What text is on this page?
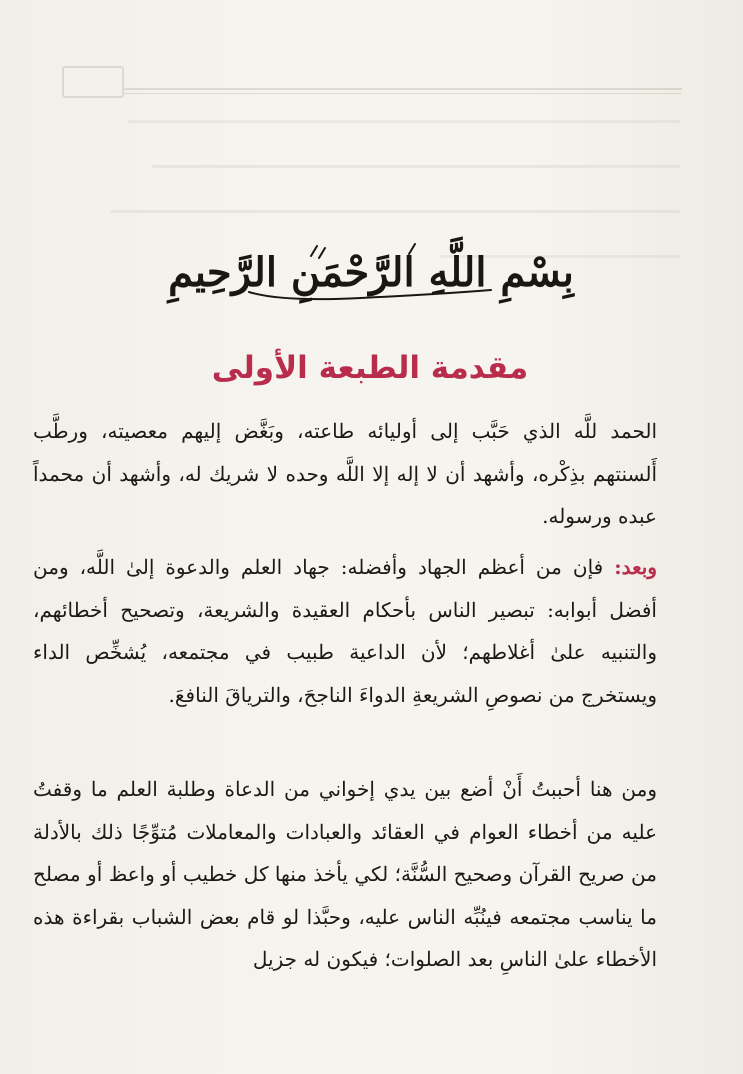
بِسْمِ اللَّهِ الرَّحْمَنِ الرَّحِيمِ
مقدمة الطبعة الأولى
الحمد للَّه الذي حَبَّب إلى أوليائه طاعته، وبَغَّض إليهم معصيته، ورطَّب أَلسنتهم بذِكْره، وأشهد أن لا إله إلا اللَّه وحده لا شريك له، وأشهد أن محمداً عبده ورسوله.
وبعد: فإن من أعظم الجهاد وأفضله: جهاد العلم والدعوة إلىٰ اللَّه، ومن أفضل أبوابه: تبصير الناس بأحكام العقيدة والشريعة، وتصحيح أخطائهم، والتنبيه علىٰ أغلاطهم؛ لأن الداعية طبيب في مجتمعه، يُشخِّص الداء ويستخرج من نصوصِ الشريعةِ الدواءَ الناجحَ، والترياقَ النافعَ.
ومن هنا أحببتُ أَنْ أضع بين يدي إخواني من الدعاة وطلبة العلم ما وقفتُ عليه من أخطاء العوام في العقائد والعبادات والمعاملات مُتوِّجًا ذلك بالأدلة من صريح القرآن وصحيح السُّنَّة؛ لكي يأخذ منها كل خطيب أو واعظ أو مصلح ما يناسب مجتمعه فينُبِّه الناس عليه، وحبَّذا لو قام بعض الشباب بقراءة هذه الأخطاء علىٰ الناسِ بعد الصلوات؛ فيكون له جزيل
